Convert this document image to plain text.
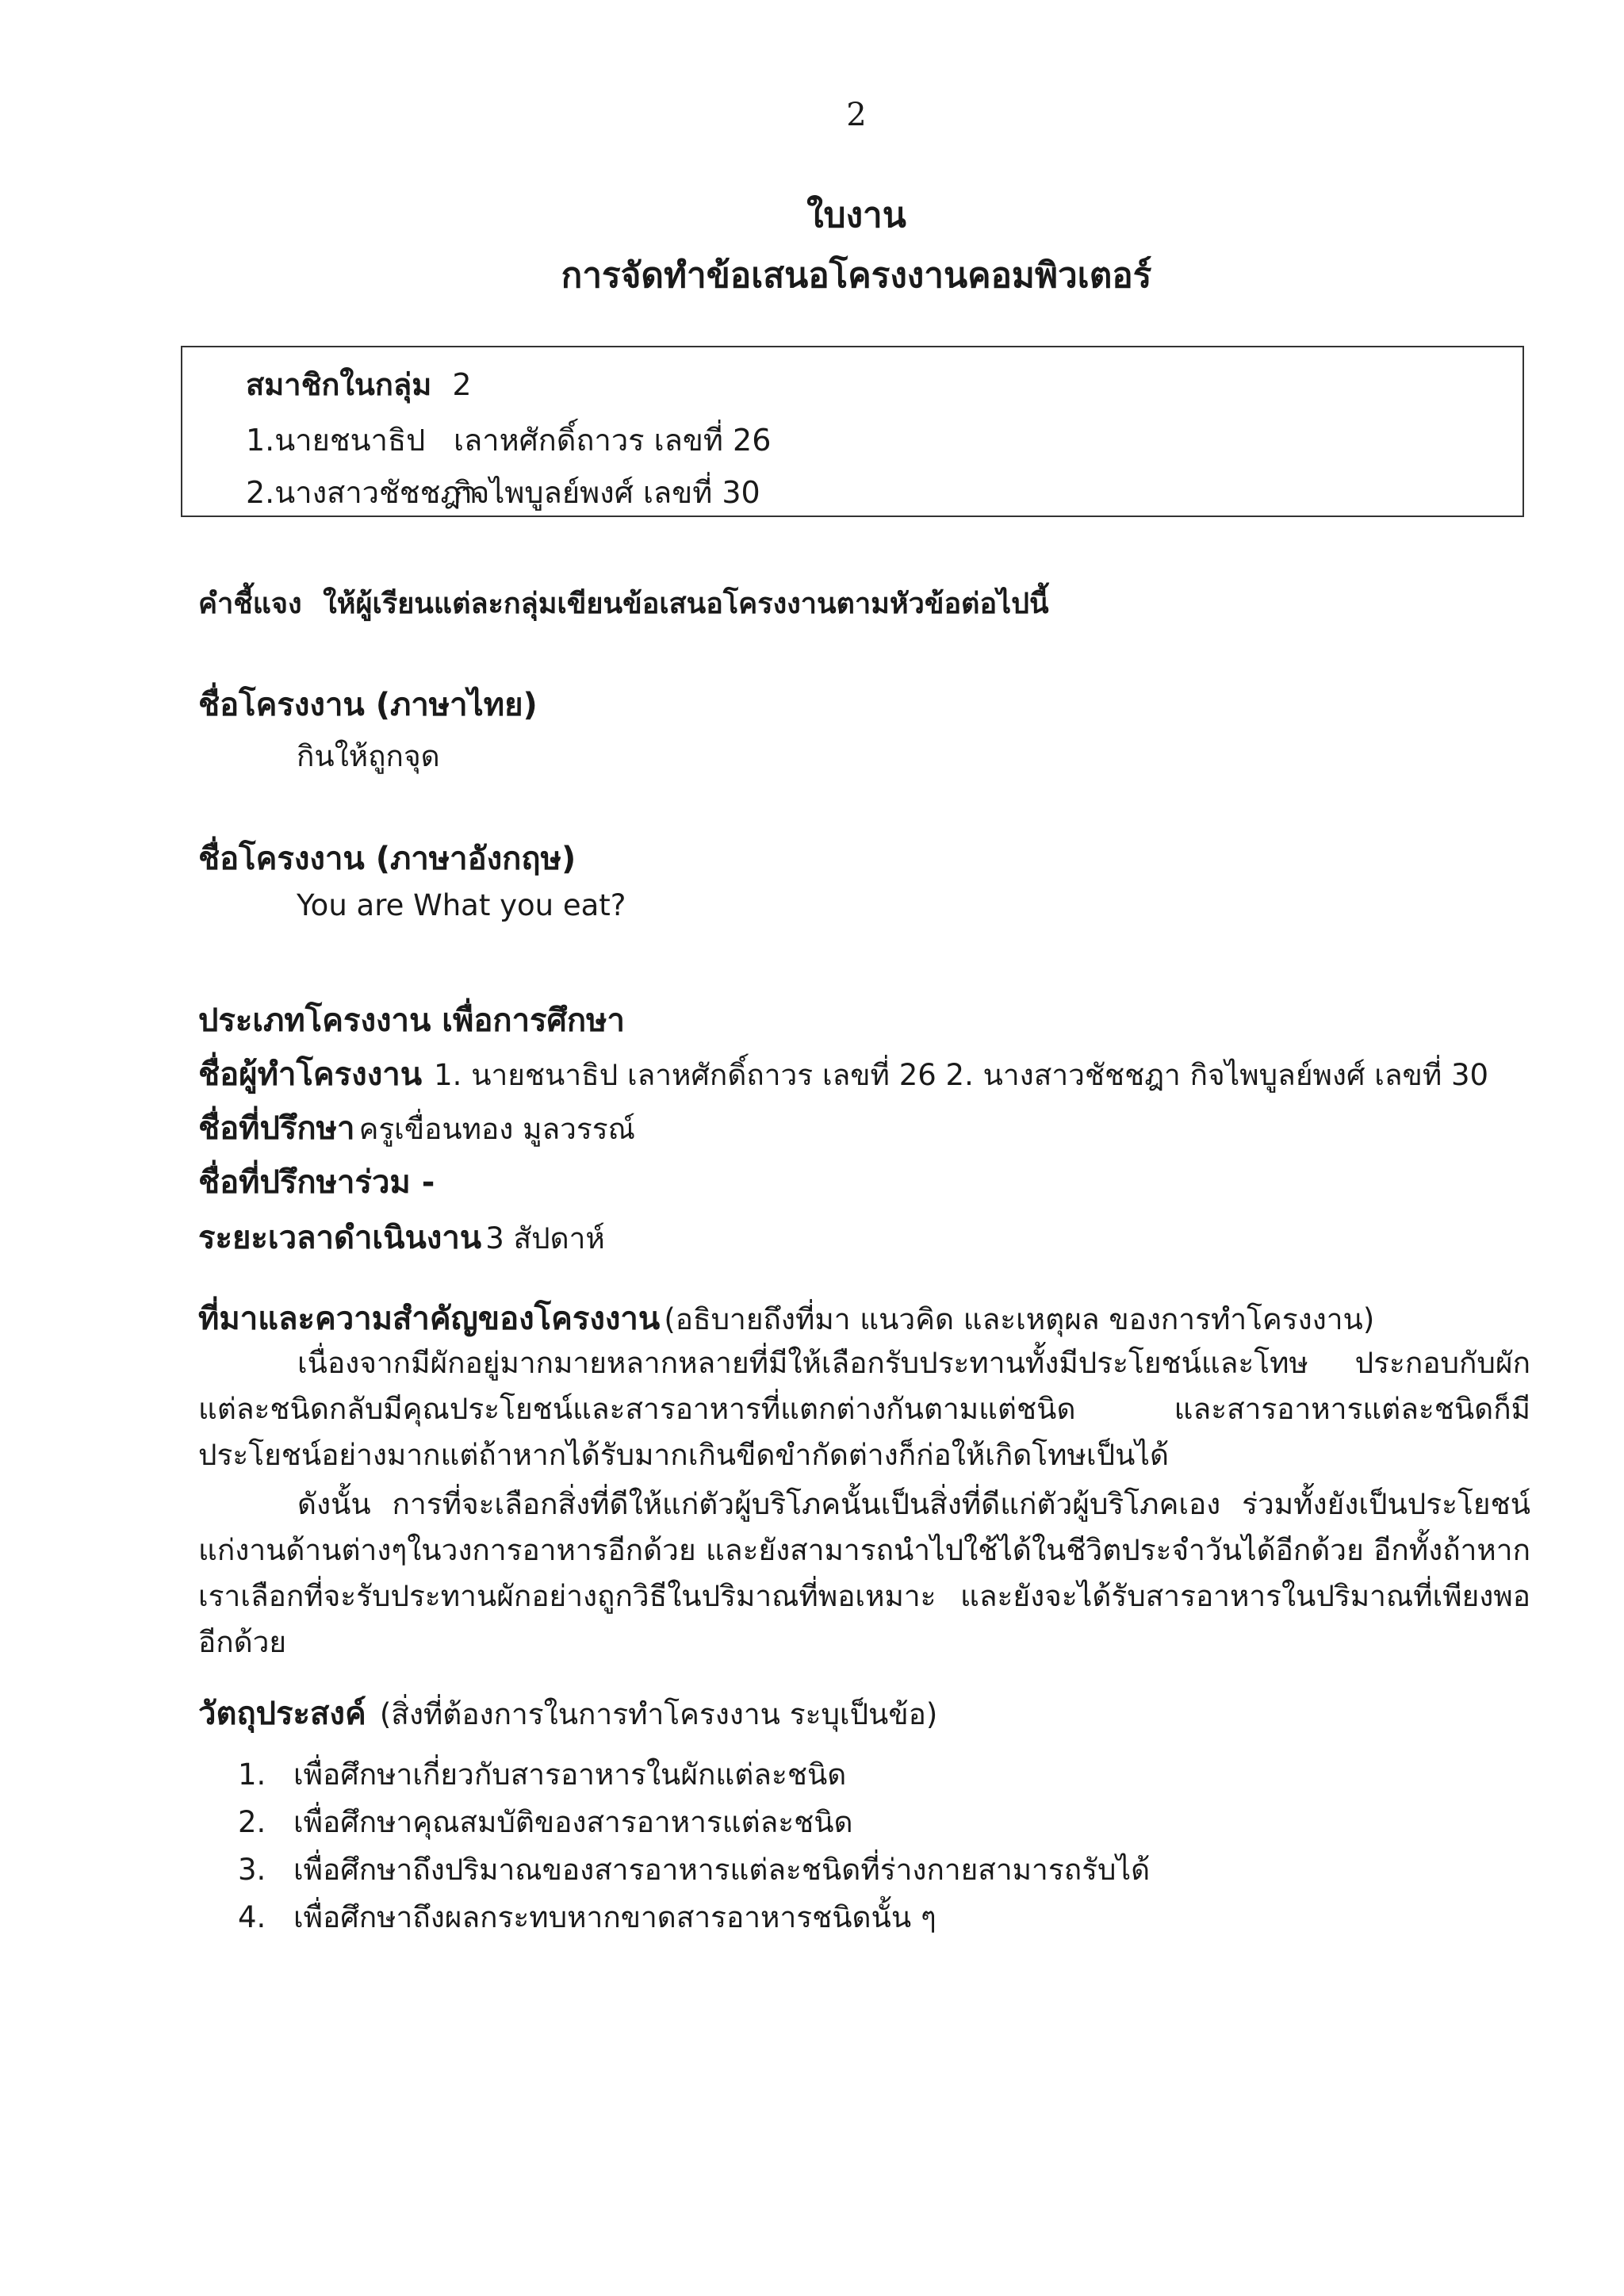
2
ใบงาน
การจัดทำข้อเสนอโครงงานคอมพิวเตอร์
สมาชิกในกลุ่ม 2
1.นายชนาธิป เลาหศักดิ์ถาวร เลขที่ 26
2.นางสาวชัชชฎา
กิจไพบูลย์พงศ์ เลขที่ 30
คำชี้แจง ให้ผู้เรียนแต่ละกลุ่มเขียนข้อเสนอโครงงานตามหัวข้อต่อไปนี้
ชื่อโครงงาน (ภาษาไทย)
กินให้ถูกจุด
ชื่อโครงงาน (ภาษาอังกฤษ)
You are What you eat?
ประเภทโครงงาน เพื่อการศึกษา
ชื่อผู้ทำโครงงาน 1. นายชนาธิป เลาหศักดิ์ถาวร เลขที่ 26 2. นางสาวชัชชฎา กิจไพบูลย์พงศ์ เลขที่ 30
ชื่อที่ปรึกษา ครูเขื่อนทอง มูลวรรณ์
ชื่อที่ปรึกษาร่วม -
ระยะเวลาดำเนินงาน 3 สัปดาห์
ที่มาและความสำคัญของโครงงาน (อธิบายถึงที่มา แนวคิด และเหตุผล ของการทำโครงงาน)
เนื่องจากมีผักอยู่มากมายหลากหลายที่มีให้เลือกรับประทานทั้งมีประโยชน์และโทษ ประกอบกับผักแต่ละชนิดกลับมีคุณประโยชน์และสารอาหารที่แตกต่างกันตามแต่ชนิด และสารอาหารแต่ละชนิดก็มีประโยชน์อย่างมากแต่ถ้าหากได้รับมากเกินขีดขำกัดต่างก็ก่อให้เกิดโทษเป็นได้
ดังนั้น การที่จะเลือกสิ่งที่ดีให้แก่ตัวผู้บริโภคนั้นเป็นสิ่งที่ดีแก่ตัวผู้บริโภคเอง ร่วมทั้งยังเป็นประโยชน์แก่งานด้านต่างๆในวงการอาหารอีกด้วย และยังสามารถนำไปใช้ได้ในชีวิตประจำวันได้อีกด้วย อีกทั้งถ้าหากเราเลือกที่จะรับประทานผักอย่างถูกวิธีในปริมาณที่พอเหมาะ และยังจะได้รับสารอาหารในปริมาณที่เพียงพออีกด้วย
วัตถุประสงค์ (สิ่งที่ต้องการในการทำโครงงาน ระบุเป็นข้อ)
1. เพื่อศึกษาเกี่ยวกับสารอาหารในผักแต่ละชนิด
2. เพื่อศึกษาคุณสมบัติของสารอาหารแต่ละชนิด
3. เพื่อศึกษาถึงปริมาณของสารอาหารแต่ละชนิดที่ร่างกายสามารถรับได้
4. เพื่อศึกษาถึงผลกระทบหากขาดสารอาหารชนิดนั้น ๆ
